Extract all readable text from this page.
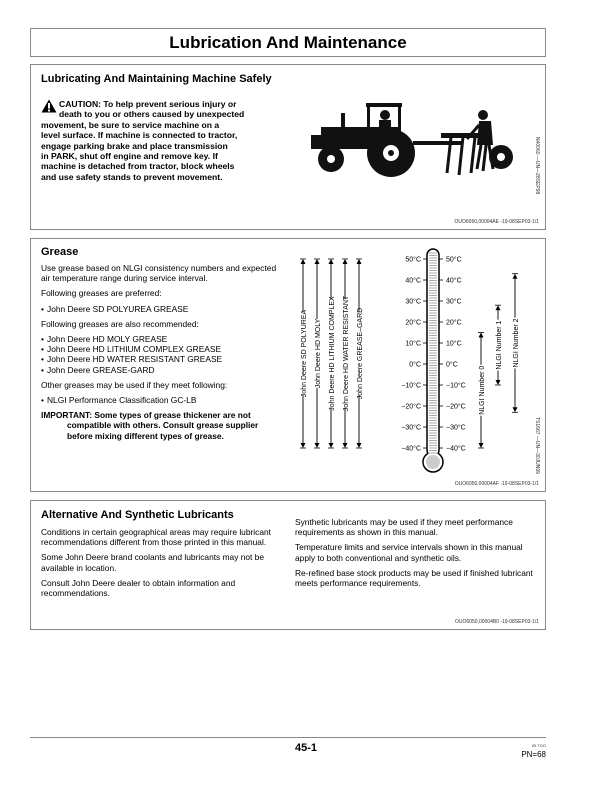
Lubrication And Maintenance
Lubricating And Maintaining Machine Safely
CAUTION: To help prevent serious injury or
death to you or others caused by unexpected
movement, be sure to service machine on a
level surface. If machine is connected to tractor,
engage parking brake and place transmission
in PARK, shut off engine and remove key. If
machine is detached from tractor, block wheels
and use safety stands to prevent movement.	N40060 —UN—28SEP98
OUO6050,00004AE -19-08SEP03-1/1
Grease

Use grease based on NLGI consistency numbers and expected air temperature range during service interval.

Following greases are preferred:

• John Deere SD POLYUREA GREASE

Following greases are also recommended:

• John Deere HD MOLY GREASE
• John Deere HD LITHIUM COMPLEX GREASE
• John Deere HD WATER RESISTANT GREASE
• John Deere GREASE-GARD

Other greases may be used if they meet following:

• NLGI Performance Classification GC-LB

IMPORTANT: Some types of grease thickener are not
compatible with others. Consult grease supplier
before mixing different types of grease.

50°C	50°C
40°C	40°C
30°C	30°C
20°C	20°C
10°C	10°C
0°C	0°C
−10°C	−10°C
−20°C	−20°C
−30°C	−30°C
−40°C	−40°C
John Deere SD POLYUREA John Deere HD MOLY John Deere HD LITHIUM COMPLEX John Deere HD WATER RESISTANT John Deere GREASE–GARD	NLGI Number 0
NLGI Number 1 NLGI Number 2
TS1667 —UN—30JUN99
OUO6050,00004AF -19-08SEP03-1/1
Alternative And Synthetic Lubricants

Conditions in certain geographical areas may require lubricant recommendations different from those printed in this manual.

Some John Deere brand coolants and lubricants may not be available in location.

Consult John Deere dealer to obtain information and recommendations.

Synthetic lubricants may be used if they meet performance requirements as shown in this manual.

Temperature limits and service intervals shown in this manual apply to both conventional and synthetic oils.

Re-refined base stock products may be used if finished lubricant meets performance requirements.

OUO6050,00004B0 -19-08SEP03-1/1
45-1	05 TOO
PN=68
